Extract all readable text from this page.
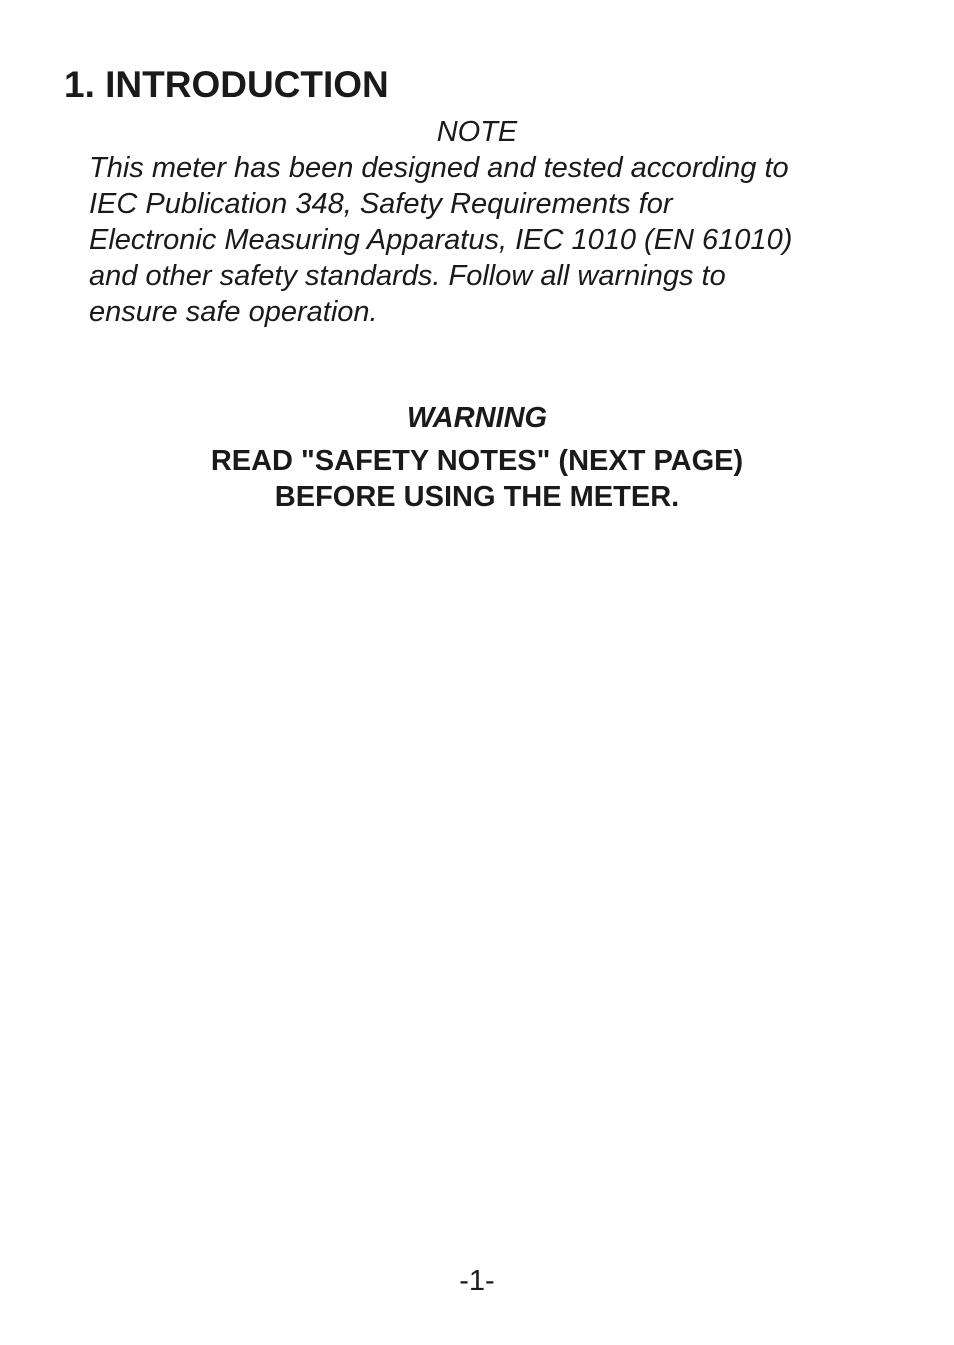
1. INTRODUCTION
NOTE

This meter has been designed and tested according to
IEC Publication 348, Safety Requirements for
Electronic Measuring Apparatus, IEC 1010 (EN 61010)
and other safety standards. Follow all warnings to
ensure safe operation.

WARNING
READ "SAFETY NOTES" (NEXT PAGE)
BEFORE USING THE METER.
-1-
